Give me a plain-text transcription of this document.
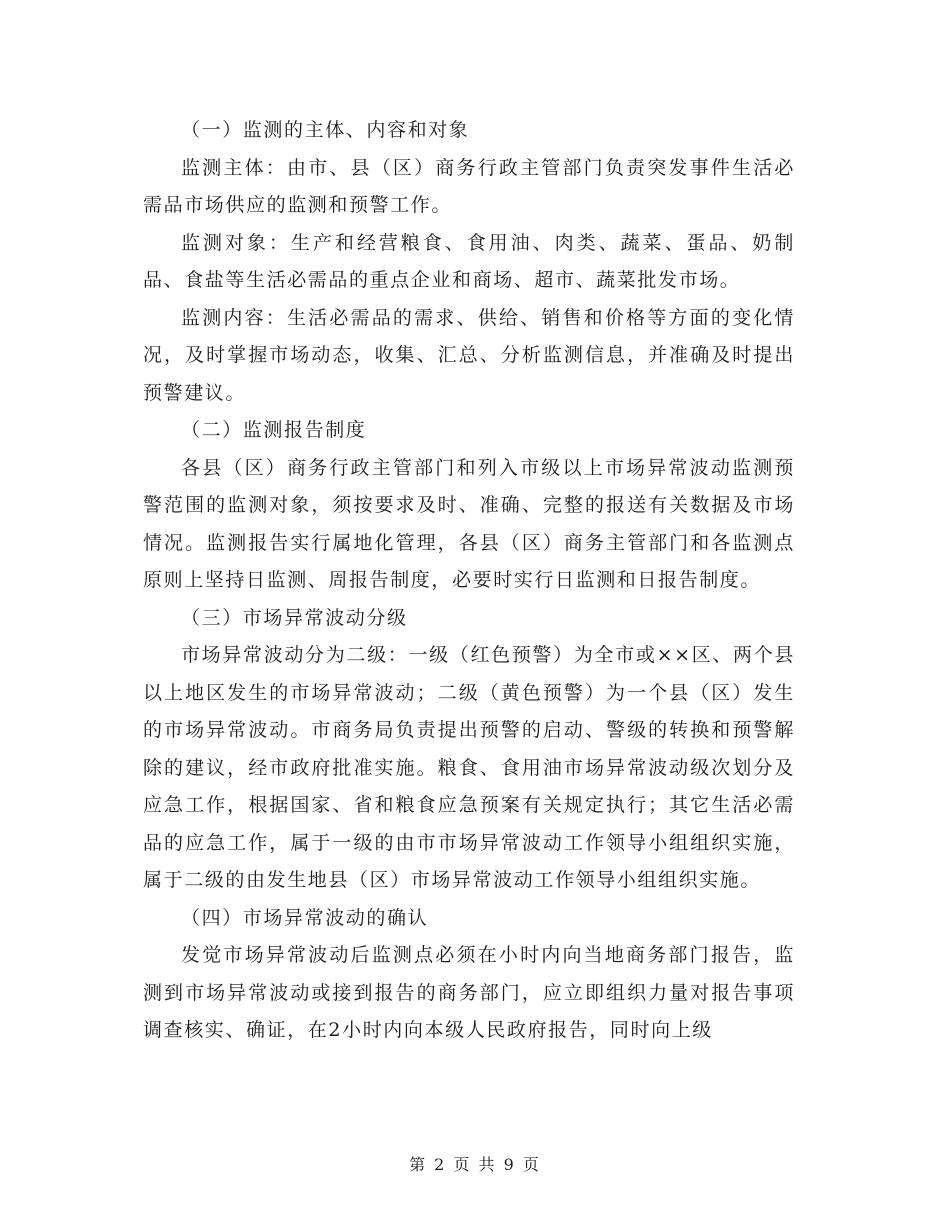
（一）监测的主体、内容和对象

监测主体：由市、县（区）商务行政主管部门负责突发事件生活必需品市场供应的监测和预警工作。

监测对象：生产和经营粮食、食用油、肉类、蔬菜、蛋品、奶制品、食盐等生活必需品的重点企业和商场、超市、蔬菜批发市场。

监测内容：生活必需品的需求、供给、销售和价格等方面的变化情况，及时掌握市场动态，收集、汇总、分析监测信息，并准确及时提出预警建议。

（二）监测报告制度

各县（区）商务行政主管部门和列入市级以上市场异常波动监测预警范围的监测对象，须按要求及时、准确、完整的报送有关数据及市场情况。监测报告实行属地化管理，各县（区）商务主管部门和各监测点原则上坚持日监测、周报告制度，必要时实行日监测和日报告制度。

（三）市场异常波动分级

市场异常波动分为二级：一级（红色预警）为全市或××区、两个县以上地区发生的市场异常波动；二级（黄色预警）为一个县（区）发生的市场异常波动。市商务局负责提出预警的启动、警级的转换和预警解除的建议，经市政府批准实施。粮食、食用油市场异常波动级次划分及应急工作，根据国家、省和粮食应急预案有关规定执行；其它生活必需品的应急工作，属于一级的由市市场异常波动工作领导小组组织实施，属于二级的由发生地县（区）市场异常波动工作领导小组组织实施。

（四）市场异常波动的确认

发觉市场异常波动后监测点必须在小时内向当地商务部门报告，监测到市场异常波动或接到报告的商务部门，应立即组织力量对报告事项调查核实、确证，在2小时内向本级人民政府报告，同时向上级

第 2 页 共 9 页
